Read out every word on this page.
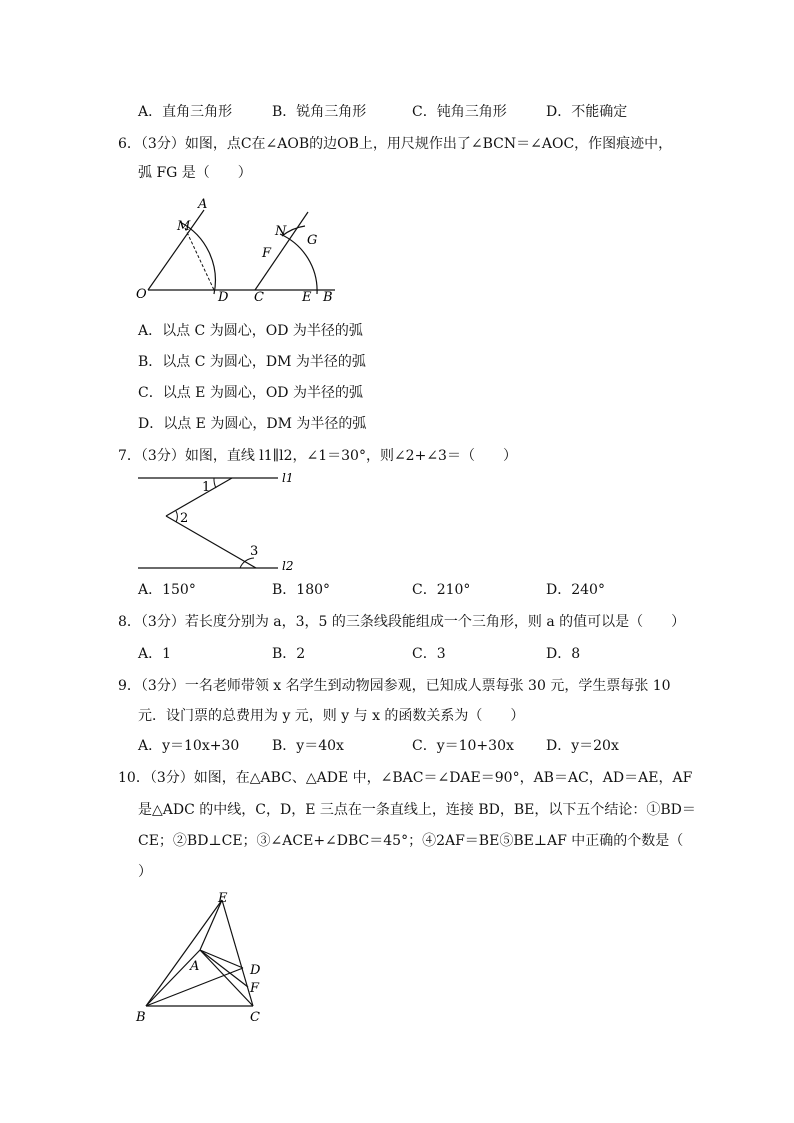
A．直角三角形	B．锐角三角形	C．钝角三角形	D．不能确定
6．（3分）如图，点C在∠AOB的边OB上，用尺规作出了∠BCN＝∠AOC，作图痕迹中，
弧 FG 是（　　）
A
M
O	D
N
G
F
C	E B
A．以点 C 为圆心，OD 为半径的弧
B．以点 C 为圆心，DM 为半径的弧
C．以点 E 为圆心，OD 为半径的弧
D．以点 E 为圆心，DM 为半径的弧
7．（3分）如图，直线 l1∥l2，∠1＝30°，则∠2+∠3＝（　　）
1
2
3
l1
l2
A．150°	B．180°	C．210°	D．240°
8．（3分）若长度分别为 a，3，5 的三条线段能组成一个三角形，则 a 的值可以是（　　）
A．1	B．2	C．3	D．8
9．（3分）一名老师带领 x 名学生到动物园参观，已知成人票每张 30 元，学生票每张 10
元．设门票的总费用为 y 元，则 y 与 x 的函数关系为（　　）
A．y＝10x+30 B．y＝40x	C．y＝10+30x D．y＝20x
10．（3分）如图，在△ABC、△ADE 中，∠BAC＝∠DAE＝90°，AB＝AC，AD＝AE，AF
是△ADC 的中线，C，D，E 三点在一条直线上，连接 BD，BE，以下五个结论：①BD＝
CE；②BD⊥CE；③∠ACE+∠DBC＝45°；④2AF＝BE⑤BE⊥AF 中正确的个数是（
）
E
A	D
F
B	C
